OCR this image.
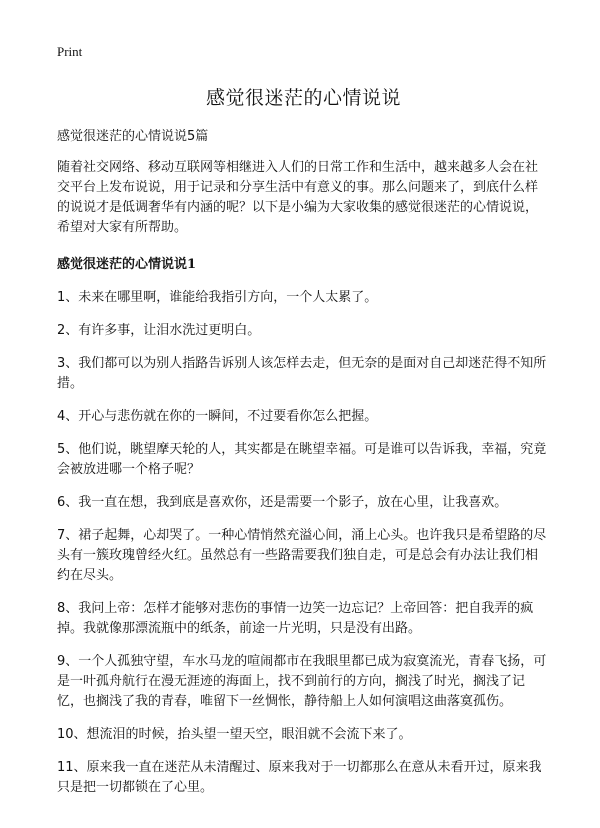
Print

感觉很迷茫的心情说说

感觉很迷茫的心情说说5篇

随着社交网络、移动互联网等相继进入人们的日常工作和生活中，越来越多人会在社交平台上发布说说，用于记录和分享生活中有意义的事。那么问题来了，到底什么样的说说才是低调奢华有内涵的呢？以下是小编为大家收集的感觉很迷茫的心情说说，希望对大家有所帮助。

感觉很迷茫的心情说说1
1、未来在哪里啊，谁能给我指引方向，一个人太累了。
2、有许多事，让泪水洗过更明白。
3、我们都可以为别人指路告诉别人该怎样去走，但无奈的是面对自己却迷茫得不知所措。
4、开心与悲伤就在你的一瞬间，不过要看你怎么把握。
5、他们说，眺望摩天轮的人，其实都是在眺望幸福。可是谁可以告诉我，幸福，究竟会被放进哪一个格子呢？
6、我一直在想，我到底是喜欢你，还是需要一个影子，放在心里，让我喜欢。
7、裙子起舞，心却哭了。一种心情悄然充溢心间，涌上心头。也许我只是希望路的尽头有一簇玫瑰曾经火红。虽然总有一些路需要我们独自走，可是总会有办法让我们相约在尽头。
8、我问上帝：怎样才能够对悲伤的事情一边笑一边忘记？上帝回答：把自我弄的疯掉。我就像那漂流瓶中的纸条，前途一片光明，只是没有出路。
9、一个人孤独守望，车水马龙的喧闹都市在我眼里都已成为寂寞流光，青春飞扬，可是一叶孤舟航行在漫无涯迹的海面上，找不到前行的方向，搁浅了时光，搁浅了记忆，也搁浅了我的青春，唯留下一丝惆怅，静待船上人如何演唱这曲落寞孤伤。
10、想流泪的时候，抬头望一望天空，眼泪就不会流下来了。
11、原来我一直在迷茫从未清醒过、原来我对于一切都那么在意从未看开过，原来我只是把一切都锁在了心里。
